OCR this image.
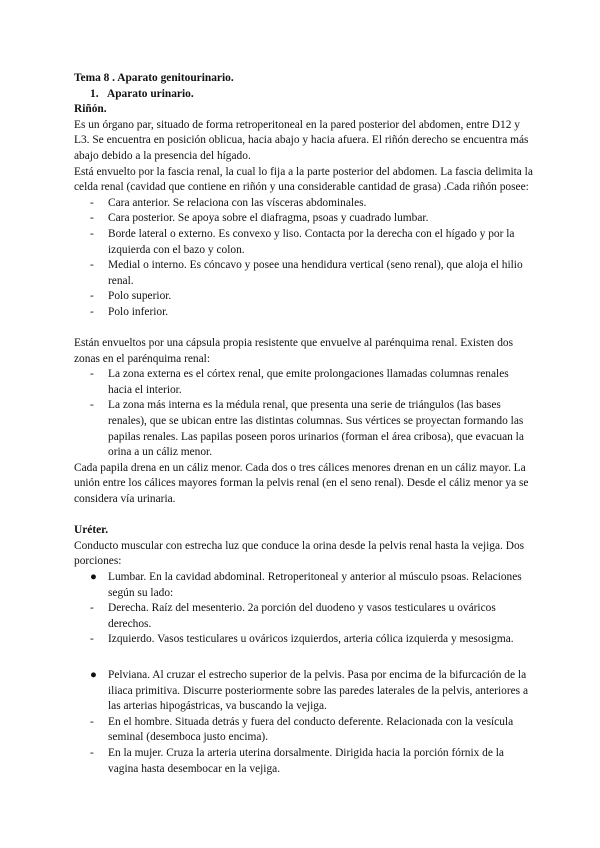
Tema 8 . Aparato genitourinario.

1. Aparato urinario.

Riñón.

Es un órgano par, situado de forma retroperitoneal en la pared posterior del abdomen, entre D12 y L3. Se encuentra en posición oblicua, hacia abajo y hacia afuera. El riñón derecho se encuentra más abajo debido a la presencia del hígado.

Está envuelto por la fascia renal, la cual lo fija a la parte posterior del abdomen. La fascia delimita la celda renal (cavidad que contiene en riñón y una considerable cantidad de grasa) .Cada riñón posee:

- Cara anterior. Se relaciona con las vísceras abdominales.
- Cara posterior. Se apoya sobre el diafragma, psoas y cuadrado lumbar.
- Borde lateral o externo. Es convexo y liso. Contacta por la derecha con el hígado y por la izquierda con el bazo y colon.
- Medial o interno. Es cóncavo y posee una hendidura vertical (seno renal), que aloja el hilio renal.
- Polo superior.
- Polo inferior.

Están envueltos por una cápsula propia resistente que envuelve al parénquima renal. Existen dos zonas en el parénquima renal:

- La zona externa es el córtex renal, que emite prolongaciones llamadas columnas renales hacia el interior.
- La zona más interna es la médula renal, que presenta una serie de triángulos (las bases renales), que se ubican entre las distintas columnas. Sus vértices se proyectan formando las papilas renales. Las papilas poseen poros urinarios (forman el área cribosa), que evacuan la orina a un cáliz menor.

Cada papila drena en un cáliz menor. Cada dos o tres cálices menores drenan en un cáliz mayor. La unión entre los cálices mayores forman la pelvis renal (en el seno renal). Desde el cáliz menor ya se considera vía urinaria.

Uréter.

Conducto muscular con estrecha luz que conduce la orina desde la pelvis renal hasta la vejiga. Dos porciones:

● Lumbar. En la cavidad abdominal. Retroperitoneal y anterior al músculo psoas. Relaciones según su lado:
- Derecha. Raíz del mesenterio. 2a porción del duodeno y vasos testiculares u ováricos derechos.
- Izquierdo. Vasos testiculares u ováricos izquierdos, arteria cólica izquierda y mesosigma.
● Pelviana. Al cruzar el estrecho superior de la pelvis. Pasa por encima de la bifurcación de la iliaca primitiva. Discurre posteriormente sobre las paredes laterales de la pelvis, anteriores a las arterias hipogástricas, va buscando la vejiga.
- En el hombre. Situada detrás y fuera del conducto deferente. Relacionada con la vesícula seminal (desemboca justo encima).
- En la mujer. Cruza la arteria uterina dorsalmente. Dirigida hacia la porción fórnix de la vagina hasta desembocar en la vejiga.
